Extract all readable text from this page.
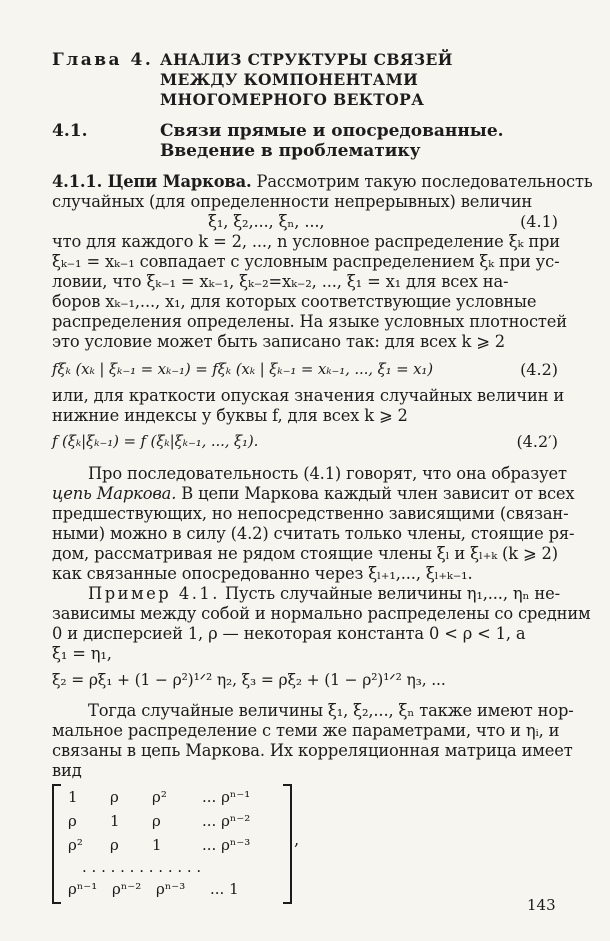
Глава 4. АНАЛИЗ СТРУКТУРЫ СВЯЗЕЙ
МЕЖДУ КОМПОНЕНТАМИ
МНОГОМЕРНОГО ВЕКТОРА
4.1.	Связи прямые и опосредованные.
Введение в проблематику
4.1.1. Цепи Маркова. Рассмотрим такую последовательность
случайных (для определенности непрерывных) величин
ξ₁, ξ₂,..., ξₙ, ...,	(4.1)
что для каждого k = 2, ..., n условное распределение ξₖ при
ξₖ₋₁ = xₖ₋₁ совпадает с условным распределением ξₖ при ус-
ловии, что ξₖ₋₁ = xₖ₋₁, ξₖ₋₂=xₖ₋₂, ..., ξ₁ = x₁ для всех на-
боров xₖ₋₁,..., x₁, для которых соответствующие условные
распределения определены. На языке условных плотностей
это условие может быть записано так: для всех k ⩾ 2
fξₖ (xₖ | ξₖ₋₁ = xₖ₋₁) = fξₖ (xₖ | ξₖ₋₁ = xₖ₋₁, ..., ξ₁ = x₁)	(4.2)
или, для краткости опуская значения случайных величин и
нижние индексы у буквы f, для всех k ⩾ 2
f (ξₖ|ξₖ₋₁) = f (ξₖ|ξₖ₋₁, ..., ξ₁).	(4.2′)
Про последовательность (4.1) говорят, что она образует
цепь Маркова. В цепи Маркова каждый член зависит от всех
предшествующих, но непосредственно зависящими (связан-
ными) можно в силу (4.2) считать только члены, стоящие ря-
дом, рассматривая не рядом стоящие члены ξₗ и ξₗ₊ₖ (k ⩾ 2)
как связанные опосредованно через ξₗ₊₁,..., ξₗ₊ₖ₋₁.
Пример 4.1. Пусть случайные величины η₁,..., ηₙ не-
зависимы между собой и нормально распределены со средним
0 и дисперсией 1, ρ — некоторая константа 0 < ρ < 1, а
ξ₁ = η₁,
ξ₂ = ρξ₁ + (1 − ρ²)¹ᐟ² η₂, ξ₃ = ρξ₂ + (1 − ρ²)¹ᐟ² η₃, ...
Тогда случайные величины ξ₁, ξ₂,..., ξₙ также имеют нор-
мальное распределение с теми же параметрами, что и ηᵢ, и
связаны в цепь Маркова. Их корреляционная матрица имеет
вид
1 ρ ρ² ... ρⁿ⁻¹
ρ 1 ρ	... ρⁿ⁻²
ρ² ρ 1	... ρⁿ⁻³
. . . . . . . . . . . . .
ρⁿ⁻¹ ρⁿ⁻² ρⁿ⁻³ ... 1
,
143
